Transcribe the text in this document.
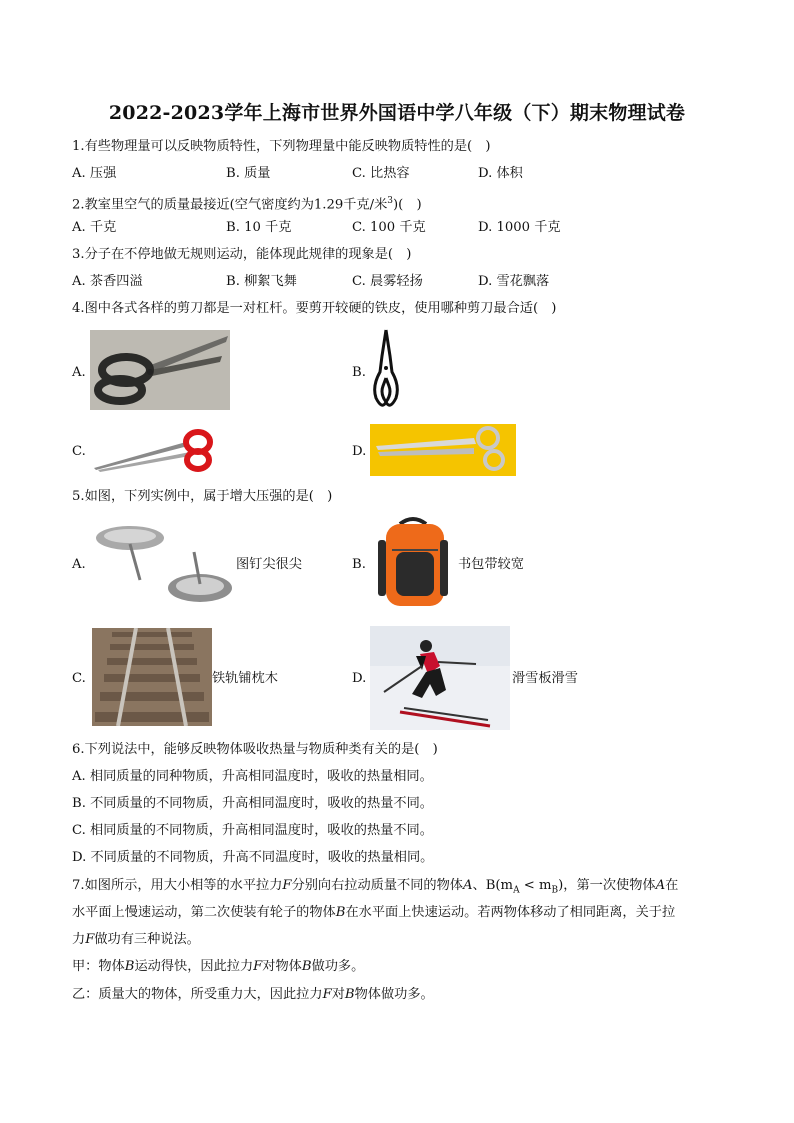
2022-2023学年上海市世界外国语中学八年级（下）期末物理试卷
1.有些物理量可以反映物质特性，下列物理量中能反映物质特性的是(　)
A. 压强	B. 质量	C. 比热容	D. 体积
2.教室里空气的质量最接近(空气密度约为1.29千克/米$^3$)(　)
A. 千克	B. 10 千克	C. 100 千克	D. 1000 千克
3.分子在不停地做无规则运动，能体现此规律的现象是(　)
A. 茶香四溢	B. 柳絮飞舞	C. 晨雾轻扬	D. 雪花飘落
4.图中各式各样的剪刀都是一对杠杆。要剪开较硬的铁皮，使用哪种剪刀最合适(　)
A.	B.
C.	D.
5.如图，下列实例中，属于增大压强的是(　)
A.	图钉尖很尖	B.	书包带较宽
C.	铁轨铺枕木	D.	滑雪板滑雪
6.下列说法中，能够反映物体吸收热量与物质种类有关的是(　)
A. 相同质量的同种物质，升高相同温度时，吸收的热量相同。
B. 不同质量的不同物质，升高相同温度时，吸收的热量不同。
C. 相同质量的不同物质，升高相同温度时，吸收的热量不同。
D. 不同质量的不同物质，升高不同温度时，吸收的热量相同。
7.如图所示，用大小相等的水平拉力F分别向右拉动质量不同的物体A、$B(m_A < m_B)$，第一次使物体A在
水平面上慢速运动，第二次使装有轮子的物体B在水平面上快速运动。若两物体移动了相同距离，关于拉
力F做功有三种说法。
甲：物体B运动得快，因此拉力F对物体B做功多。
乙：质量大的物体，所受重力大，因此拉力F对B物体做功多。
